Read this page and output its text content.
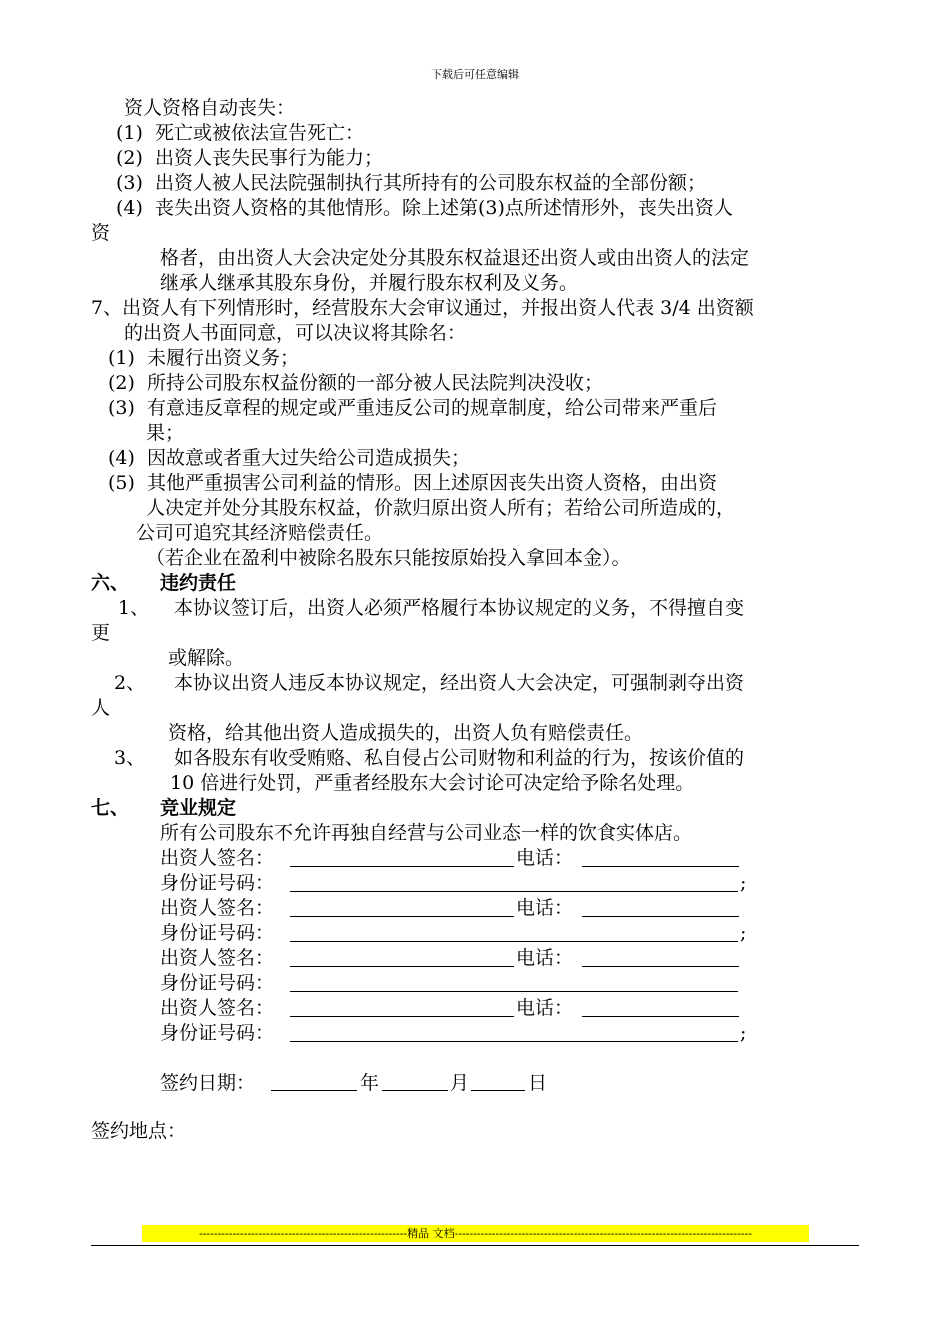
下载后可任意编辑
资人资格自动丧失：
(1)  死亡或被依法宣告死亡：
(2)  出资人丧失民事行为能力；
(3)  出资人被人民法院强制执行其所持有的公司股东权益的全部份额；
(4)  丧失出资人资格的其他情形。除上述第(3)点所述情形外，丧失出资人
资
格者，由出资人大会决定处分其股东权益退还出资人或由出资人的法定
继承人继承其股东身份，并履行股东权利及义务。
7、出资人有下列情形时，经营股东大会审议通过，并报出资人代表 3/4 出资额
的出资人书面同意，可以决议将其除名：
(1)  未履行出资义务；
(2)  所持公司股东权益份额的一部分被人民法院判决没收；
(3)  有意违反章程的规定或严重违反公司的规章制度，给公司带来严重后
果；
(4)  因故意或者重大过失给公司造成损失；
(5)  其他严重损害公司利益的情形。因上述原因丧失出资人资格，由出资
人决定并处分其股东权益，价款归原出资人所有；若给公司所造成的，
公司可追究其经济赔偿责任。
（若企业在盈利中被除名股东只能按原始投入拿回本金）。
六、 违约责任
1、 本协议签订后，出资人必须严格履行本协议规定的义务，不得擅自变
更
或解除。
2、 本协议出资人违反本协议规定，经出资人大会决定，可强制剥夺出资
人
资格，给其他出资人造成损失的，出资人负有赔偿责任。
3、 如各股东有收受贿赂、私自侵占公司财物和利益的行为，按该价值的
10 倍进行处罚，严重者经股东大会讨论可决定给予除名处理。
七、 竞业规定
所有公司股东不允许再独自经营与公司业态一样的饮食实体店。
出资人签名：	电话：
身份证号码：	;
出资人签名：	电话：
身份证号码：	;
出资人签名：	电话：
身份证号码：
出资人签名：	电话：
身份证号码：	;
签约日期：	年	月	日
签约地点：
--------------------------------------------------------精品 文档--------------------------------------------------------------------------------
